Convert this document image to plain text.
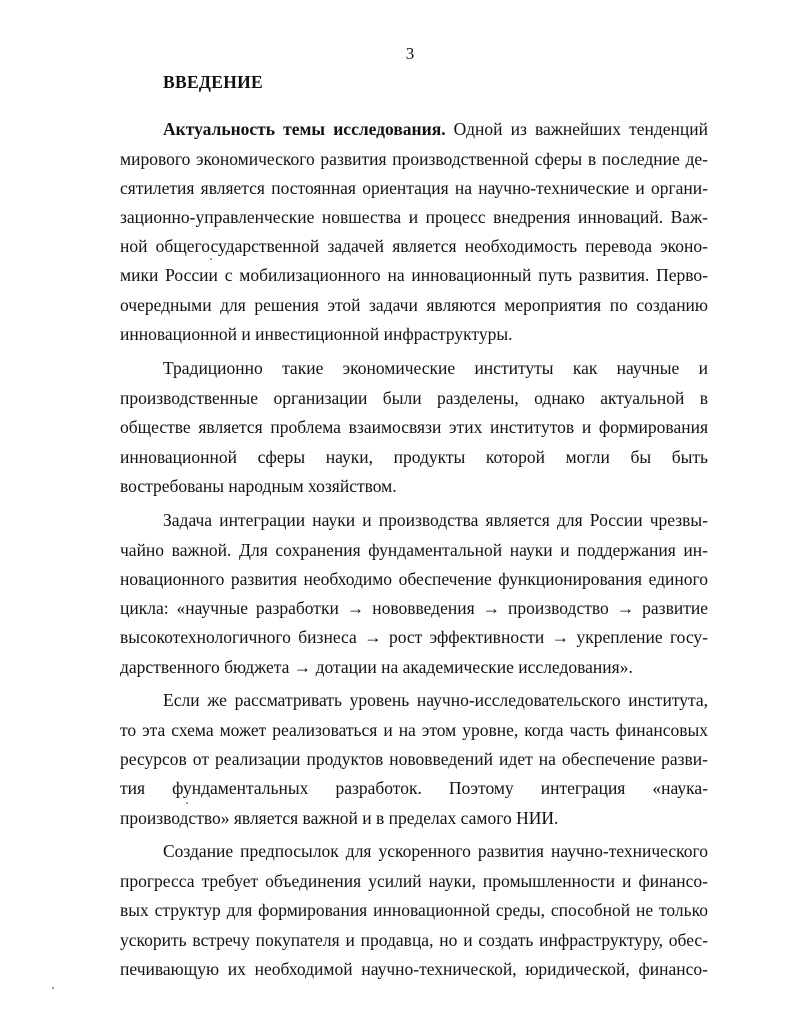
3
ВВЕДЕНИЕ
Актуальность темы исследования. Одной из важнейших тенденций
мирового экономического развития производственной сферы в последние де-
сятилетия является постоянная ориентация на научно-технические и органи-
зационно-управленческие новшества и процесс внедрения инноваций. Важ-
ной общегосударственной задачей является необходимость перевода эконо-
мики России с мобилизационного на инновационный путь развития. Перво-
очередными для решения этой задачи являются мероприятия по созданию
инновационной и инвестиционной инфраструктуры.
Традиционно такие экономические институты как научные и
производственные организации были разделены, однако актуальной в
обществе является проблема взаимосвязи этих институтов и формирования
инновационной сферы науки, продукты которой могли бы быть
востребованы народным хозяйством.
Задача интеграции науки и производства является для России чрезвы-
чайно важной. Для сохранения фундаментальной науки и поддержания ин-
новационного развития необходимо обеспечение функционирования единого
цикла: «научные разработки → нововведения → производство → развитие
высокотехнологичного бизнеса → рост эффективности → укрепление госу-
дарственного бюджета → дотации на академические исследования».
Если же рассматривать уровень научно-исследовательского института,
то эта схема может реализоваться и на этом уровне, когда часть финансовых
ресурсов от реализации продуктов нововведений идет на обеспечение разви-
тия фундаментальных разработок. Поэтому интеграция «наука-
производство» является важной и в пределах самого НИИ.
Создание предпосылок для ускоренного развития научно-технического
прогресса требует объединения усилий науки, промышленности и финансо-
вых структур для формирования инновационной среды, способной не только
ускорить встречу покупателя и продавца, но и создать инфраструктуру, обес-
печивающую их необходимой научно-технической, юридической, финансо-
